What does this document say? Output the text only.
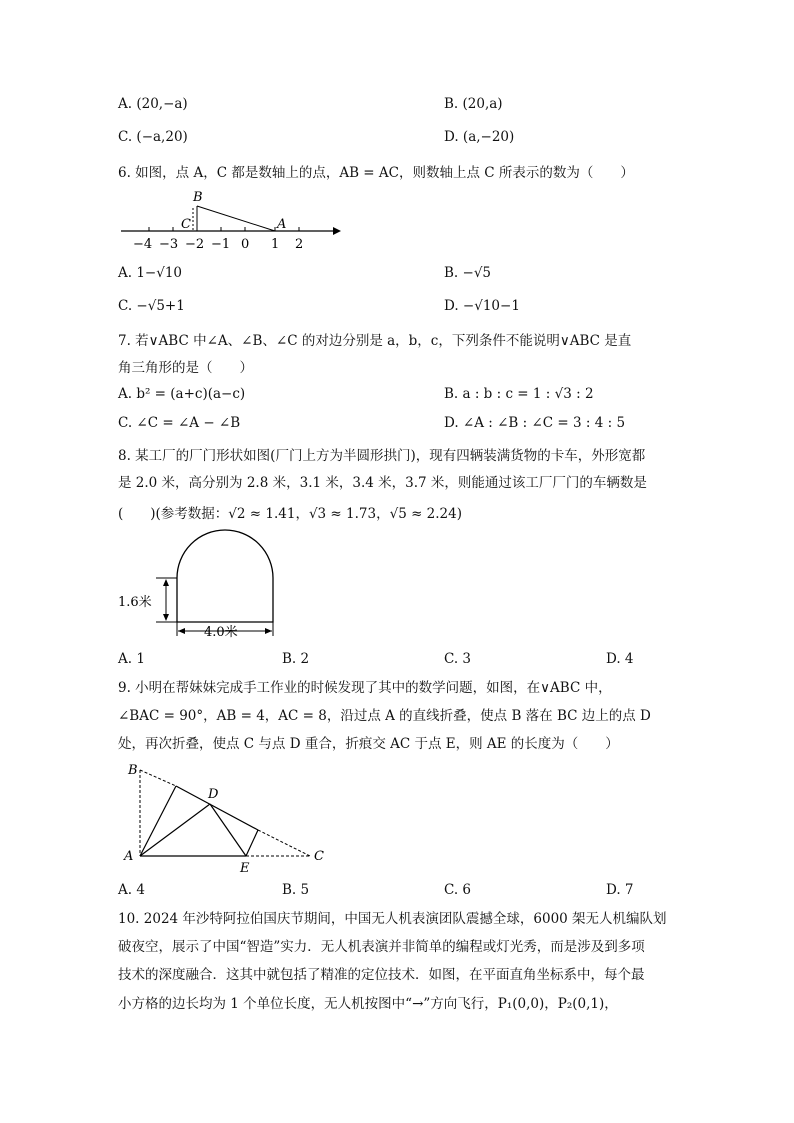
A. (20,−a)	B. (20,a)
C. (−a,20)	D. (a,−20)
6. 如图，点 A，C 都是数轴上的点，AB = AC，则数轴上点 C 所表示的数为（　　）
B
C	A
−4 −3 −2 −1 0 1 2
A. 1−√10	B. −√5
C. −√5+1	D. −√10−1
7. 若∨ABC 中∠A、∠B、∠C 的对边分别是 a，b，c，下列条件不能说明∨ABC 是直
角三角形的是（　　）
A. b² = (a+c)(a−c)	B. a : b : c = 1 : √3 : 2
C. ∠C = ∠A − ∠B	D. ∠A : ∠B : ∠C = 3 : 4 : 5
8. 某工厂的厂门形状如图(厂门上方为半圆形拱门)，现有四辆装满货物的卡车，外形宽都
是 2.0 米，高分别为 2.8 米，3.1 米，3.4 米，3.7 米，则能通过该工厂厂门的车辆数是
(　　)(参考数据：√2 ≈ 1.41，√3 ≈ 1.73，√5 ≈ 2.24)
1.6米
4.0米
A. 1	B. 2	C. 3	D. 4
9. 小明在帮妹妹完成手工作业的时候发现了其中的数学问题，如图，在∨ABC 中，
∠BAC = 90°，AB = 4，AC = 8，沿过点 A 的直线折叠，使点 B 落在 BC 边上的点 D
处，再次折叠，使点 C 与点 D 重合，折痕交 AC 于点 E，则 AE 的长度为（　　）
B
D
A
E
C
A. 4	B. 5	C. 6	D. 7
10. 2024 年沙特阿拉伯国庆节期间，中国无人机表演团队震撼全球，6000 架无人机编队划
破夜空，展示了中国“智造”实力．无人机表演并非简单的编程或灯光秀，而是涉及到多项
技术的深度融合．这其中就包括了精准的定位技术．如图，在平面直角坐标系中，每个最
小方格的边长均为 1 个单位长度，无人机按图中“→”方向飞行，P₁(0,0)，P₂(0,1)，
